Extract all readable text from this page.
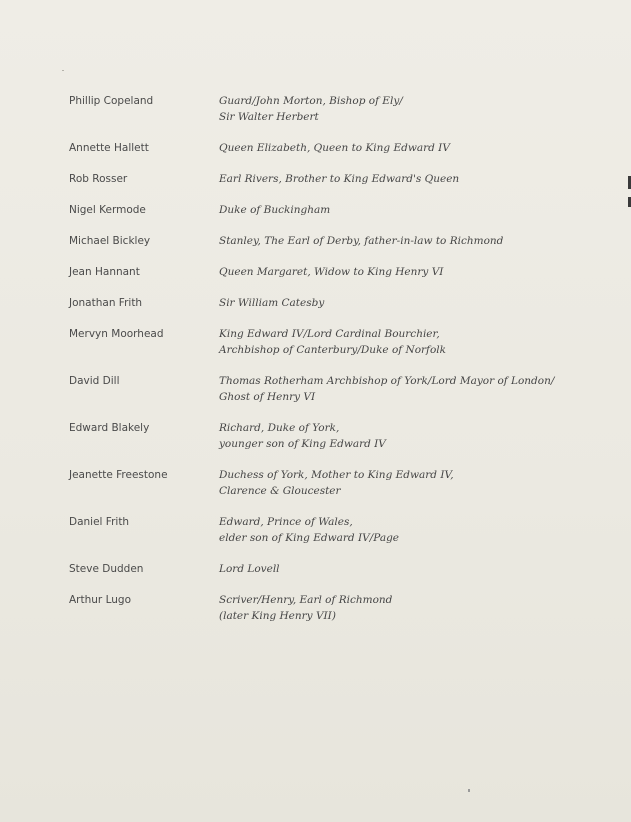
Phillip Copeland	Guard/John Morton, Bishop of Ely/
Sir Walter Herbert
Annette Hallett	Queen Elizabeth, Queen to King Edward IV
Rob Rosser	Earl Rivers, Brother to King Edward's Queen
Nigel Kermode	Duke of Buckingham
Michael Bickley	Stanley, The Earl of Derby, father-in-law to Richmond
Jean Hannant	Queen Margaret, Widow to King Henry VI
Jonathan Frith	Sir William Catesby
Mervyn Moorhead	King Edward IV/Lord Cardinal Bourchier,
Archbishop of Canterbury/Duke of Norfolk
David Dill	Thomas Rotherham Archbishop of York/Lord Mayor of London/
Ghost of Henry VI
Edward Blakely	Richard, Duke of York,
younger son of King Edward IV
Jeanette Freestone	Duchess of York, Mother to King Edward IV,
Clarence & Gloucester
Daniel Frith	Edward, Prince of Wales,
elder son of King Edward IV/Page
Steve Dudden	Lord Lovell
Arthur Lugo	Scriver/Henry, Earl of Richmond
(later King Henry VII)
